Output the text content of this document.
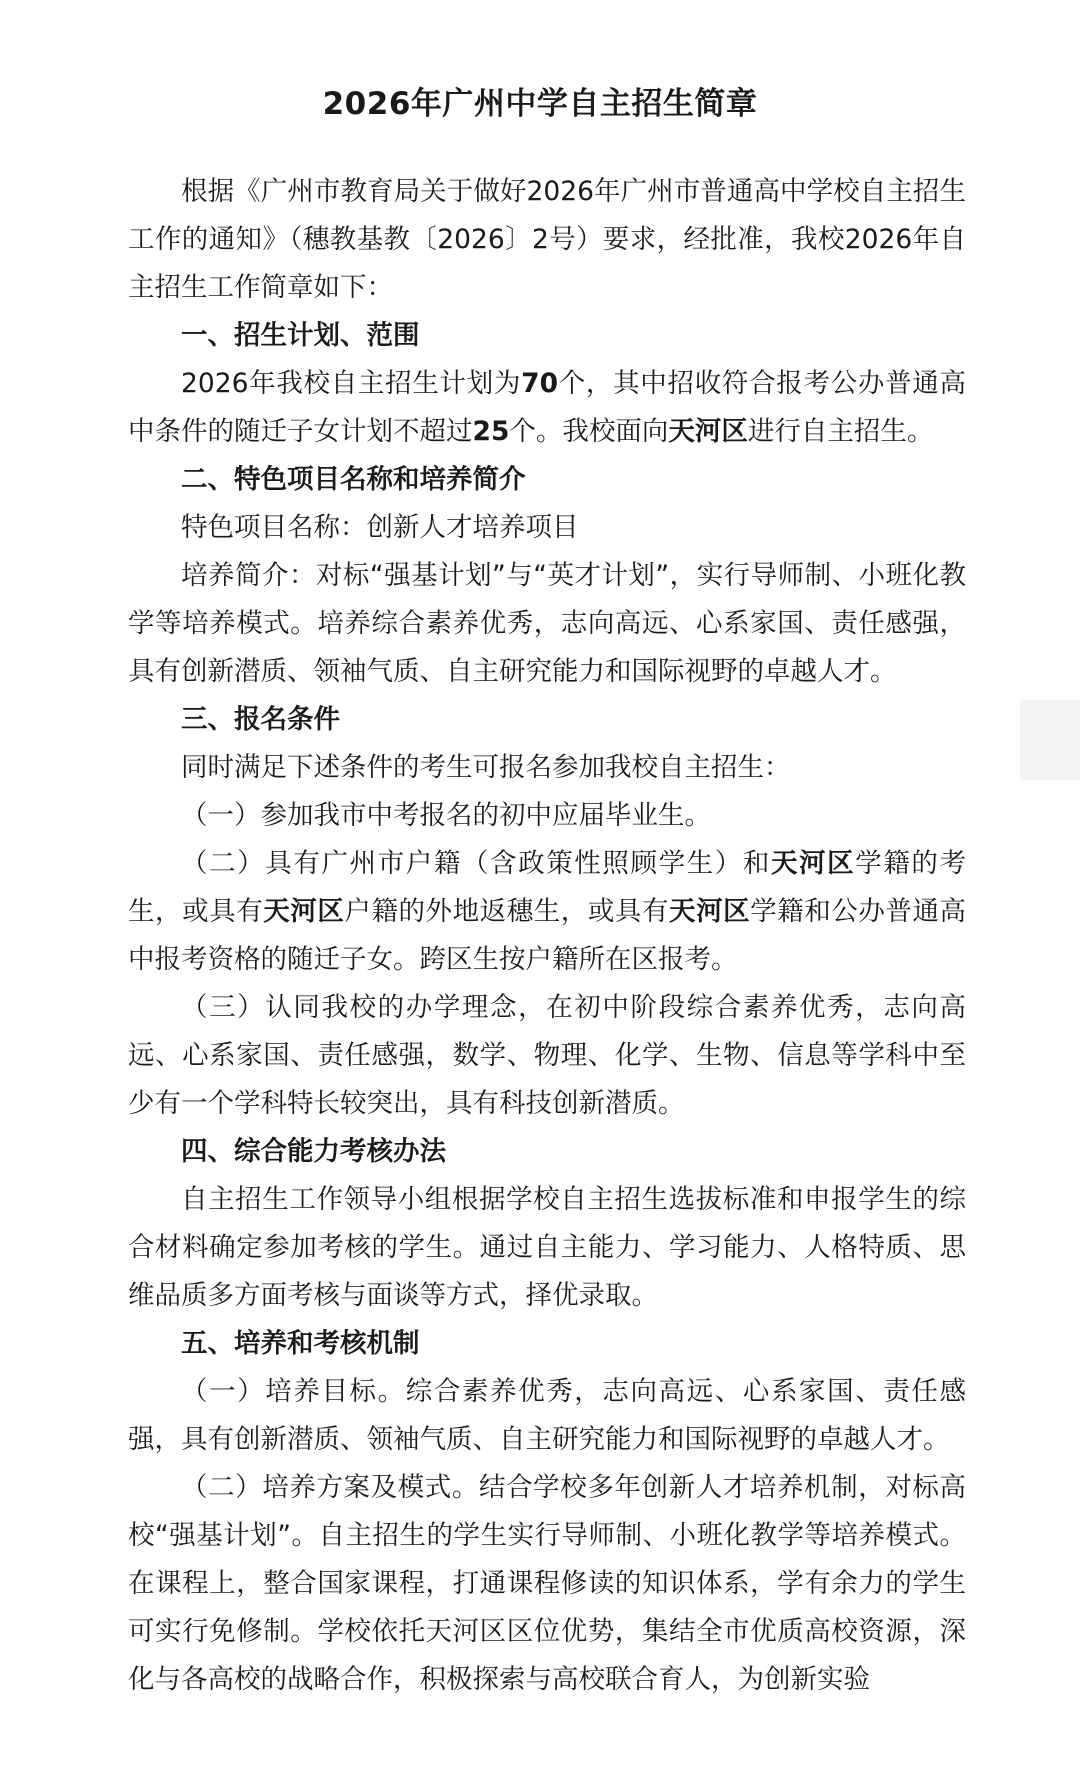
2026年广州中学自主招生简章

根据《广州市教育局关于做好2026年广州市普通高中学校自主招生工作的通知》（穗教基教〔2026〕2号）要求，经批准，我校2026年自主招生工作简章如下：

一、招生计划、范围

2026年我校自主招生计划为70个，其中招收符合报考公办普通高中条件的随迁子女计划不超过25个。我校面向天河区进行自主招生。

二、特色项目名称和培养简介

特色项目名称：创新人才培养项目

培养简介：对标“强基计划”与“英才计划”，实行导师制、小班化教学等培养模式。培养综合素养优秀，志向高远、心系家国、责任感强，具有创新潜质、领袖气质、自主研究能力和国际视野的卓越人才。

三、报名条件

同时满足下述条件的考生可报名参加我校自主招生：

（一）参加我市中考报名的初中应届毕业生。

（二）具有广州市户籍（含政策性照顾学生）和天河区学籍的考生，或具有天河区户籍的外地返穗生，或具有天河区学籍和公办普通高中报考资格的随迁子女。跨区生按户籍所在区报考。

（三）认同我校的办学理念，在初中阶段综合素养优秀，志向高远、心系家国、责任感强，数学、物理、化学、生物、信息等学科中至少有一个学科特长较突出，具有科技创新潜质。

四、综合能力考核办法

自主招生工作领导小组根据学校自主招生选拔标准和申报学生的综合材料确定参加考核的学生。通过自主能力、学习能力、人格特质、思维品质多方面考核与面谈等方式，择优录取。

五、培养和考核机制

（一）培养目标。综合素养优秀，志向高远、心系家国、责任感强，具有创新潜质、领袖气质、自主研究能力和国际视野的卓越人才。

（二）培养方案及模式。结合学校多年创新人才培养机制，对标高校“强基计划”。自主招生的学生实行导师制、小班化教学等培养模式。在课程上，整合国家课程，打通课程修读的知识体系，学有余力的学生可实行免修制。学校依托天河区区位优势，集结全市优质高校资源，深化与各高校的战略合作，积极探索与高校联合育人，为创新实验
